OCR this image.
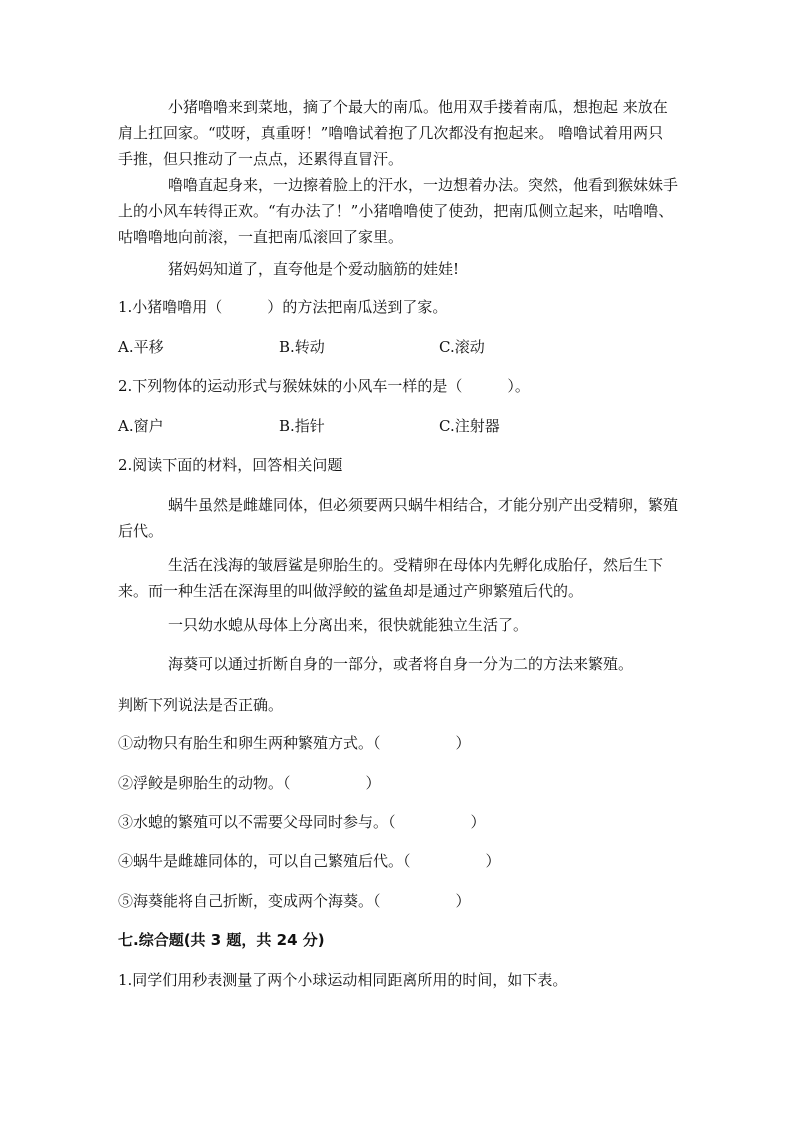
小猪噜噜来到菜地，摘了个最大的南瓜。他用双手搂着南瓜，想抱起 来放在肩上扛回家。“哎呀，真重呀！”噜噜试着抱了几次都没有抱起来。 噜噜试着用两只手推，但只推动了一点点，还累得直冒汗。

噜噜直起身来，一边擦着脸上的汗水，一边想着办法。突然，他看到猴妹妹手上的小风车转得正欢。“有办法了！”小猪噜噜使了使劲，把南瓜侧立起来，咕噜噜、咕噜噜地向前滚，一直把南瓜滚回了家里。

猪妈妈知道了，直夸他是个爱动脑筋的娃娃!

1.小猪噜噜用（　　　）的方法把南瓜送到了家。
A.平移	B.转动	C.滚动
2.下列物体的运动形式与猴妹妹的小风车一样的是（　　　）。
A.窗户	B.指针	C.注射器
2.阅读下面的材料，回答相关问题

蜗牛虽然是雌雄同体，但必须要两只蜗牛相结合，才能分别产出受精卵，繁殖后代。

生活在浅海的皱唇鲨是卵胎生的。受精卵在母体内先孵化成胎仔，然后生下来。而一种生活在深海里的叫做浮鲛的鲨鱼却是通过产卵繁殖后代的。

一只幼水螅从母体上分离出来，很快就能独立生活了。

海葵可以通过折断自身的一部分，或者将自身一分为二的方法来繁殖。

判断下列说法是否正确。
①动物只有胎生和卵生两种繁殖方式。（　　　　　）
②浮鲛是卵胎生的动物。（　　　　　）
③水螅的繁殖可以不需要父母同时参与。（　　　　　）
④蜗牛是雌雄同体的，可以自己繁殖后代。（　　　　　）
⑤海葵能将自己折断，变成两个海葵。（　　　　　）
七.综合题(共 3 题，共 24 分)
1.同学们用秒表测量了两个小球运动相同距离所用的时间，如下表。
